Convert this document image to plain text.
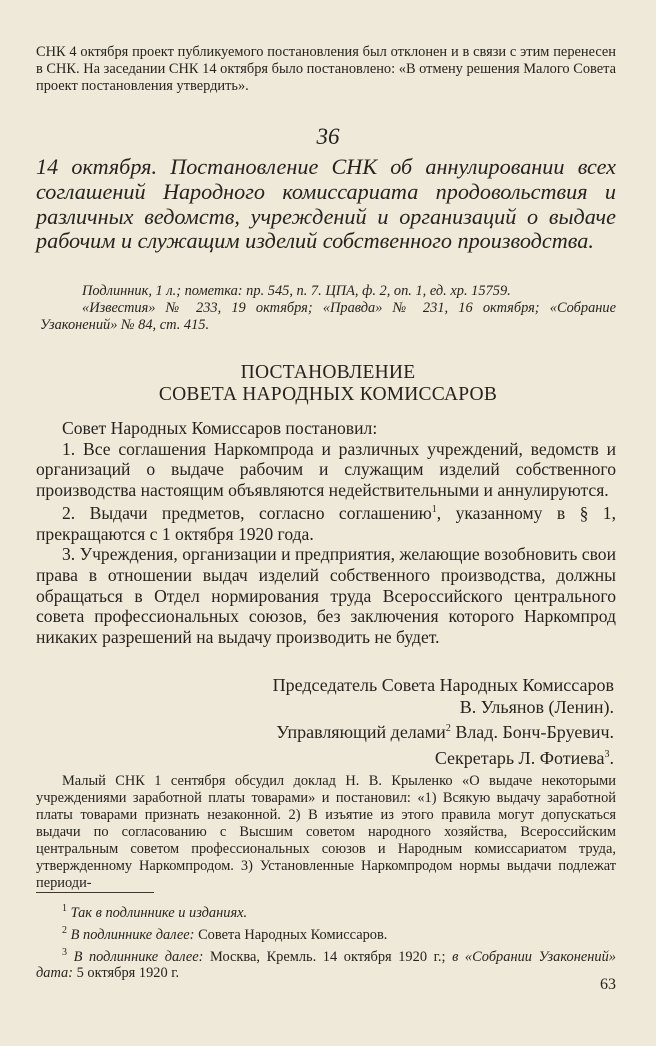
СНК 4 октября проект публикуемого постановления был отклонен и в связи с этим перенесен в СНК. На заседании СНК 14 октября было постановлено: «В отмену решения Малого Совета проект постановления утвердить».

36

14 октября. Постановление СНК об аннулировании всех соглашений Народного комиссариата продовольствия и различных ведомств, учреждений и организаций о выдаче рабочим и служащим изделий собственного производства.

Подлинник, 1 л.; пометка: пр. 545, п. 7. ЦПА, ф. 2, оп. 1, ед. хр. 15759.

«Известия» № 233, 19 октября; «Правда» № 231, 16 октября; «Собрание Узаконений» № 84, ст. 415.

ПОСТАНОВЛЕНИЕ

СОВЕТА НАРОДНЫХ КОМИССАРОВ

Совет Народных Комиссаров постановил:

1. Все соглашения Наркомпрода и различных учреждений, ведомств и организаций о выдаче рабочим и служащим изделий собственного производства настоящим объявляются недействительными и аннулируются.

2. Выдачи предметов, согласно соглашению$^1$, указанному в § 1, прекращаются с 1 октября 1920 года.

3. Учреждения, организации и предприятия, желающие возобновить свои права в отношении выдач изделий собственного производства, должны обращаться в Отдел нормирования труда Всероссийского центрального совета профессиональных союзов, без заключения которого Наркомпрод никаких разрешений на выдачу производить не будет.

Председатель Совета Народных Комиссаров

В. Ульянов (Ленин).

Управляющий делами$^2$ Влад. Бонч-Бруевич.

Секретарь Л. Фотиева$^3$.

Малый СНК 1 сентября обсудил доклад Н. В. Крыленко «О выдаче некоторыми учреждениями заработной платы товарами» и постановил: «1) Всякую выдачу заработной платы товарами признать незаконной. 2) В изъятие из этого правила могут допускаться выдачи по согласованию с Высшим советом народного хозяйства, Всероссийским центральным советом профессиональных союзов и Народным комиссариатом труда, утвержденному Наркомпродом. 3) Установленные Наркомпродом нормы выдачи подлежат периоди-

$^1$ Так в подлиннике и изданиях.

$^2$ В подлиннике далее: Совета Народных Комиссаров.

$^3$ В подлиннике далее: Москва, Кремль. 14 октября 1920 г.; в «Собрании Узаконений» дата: 5 октября 1920 г.

63
